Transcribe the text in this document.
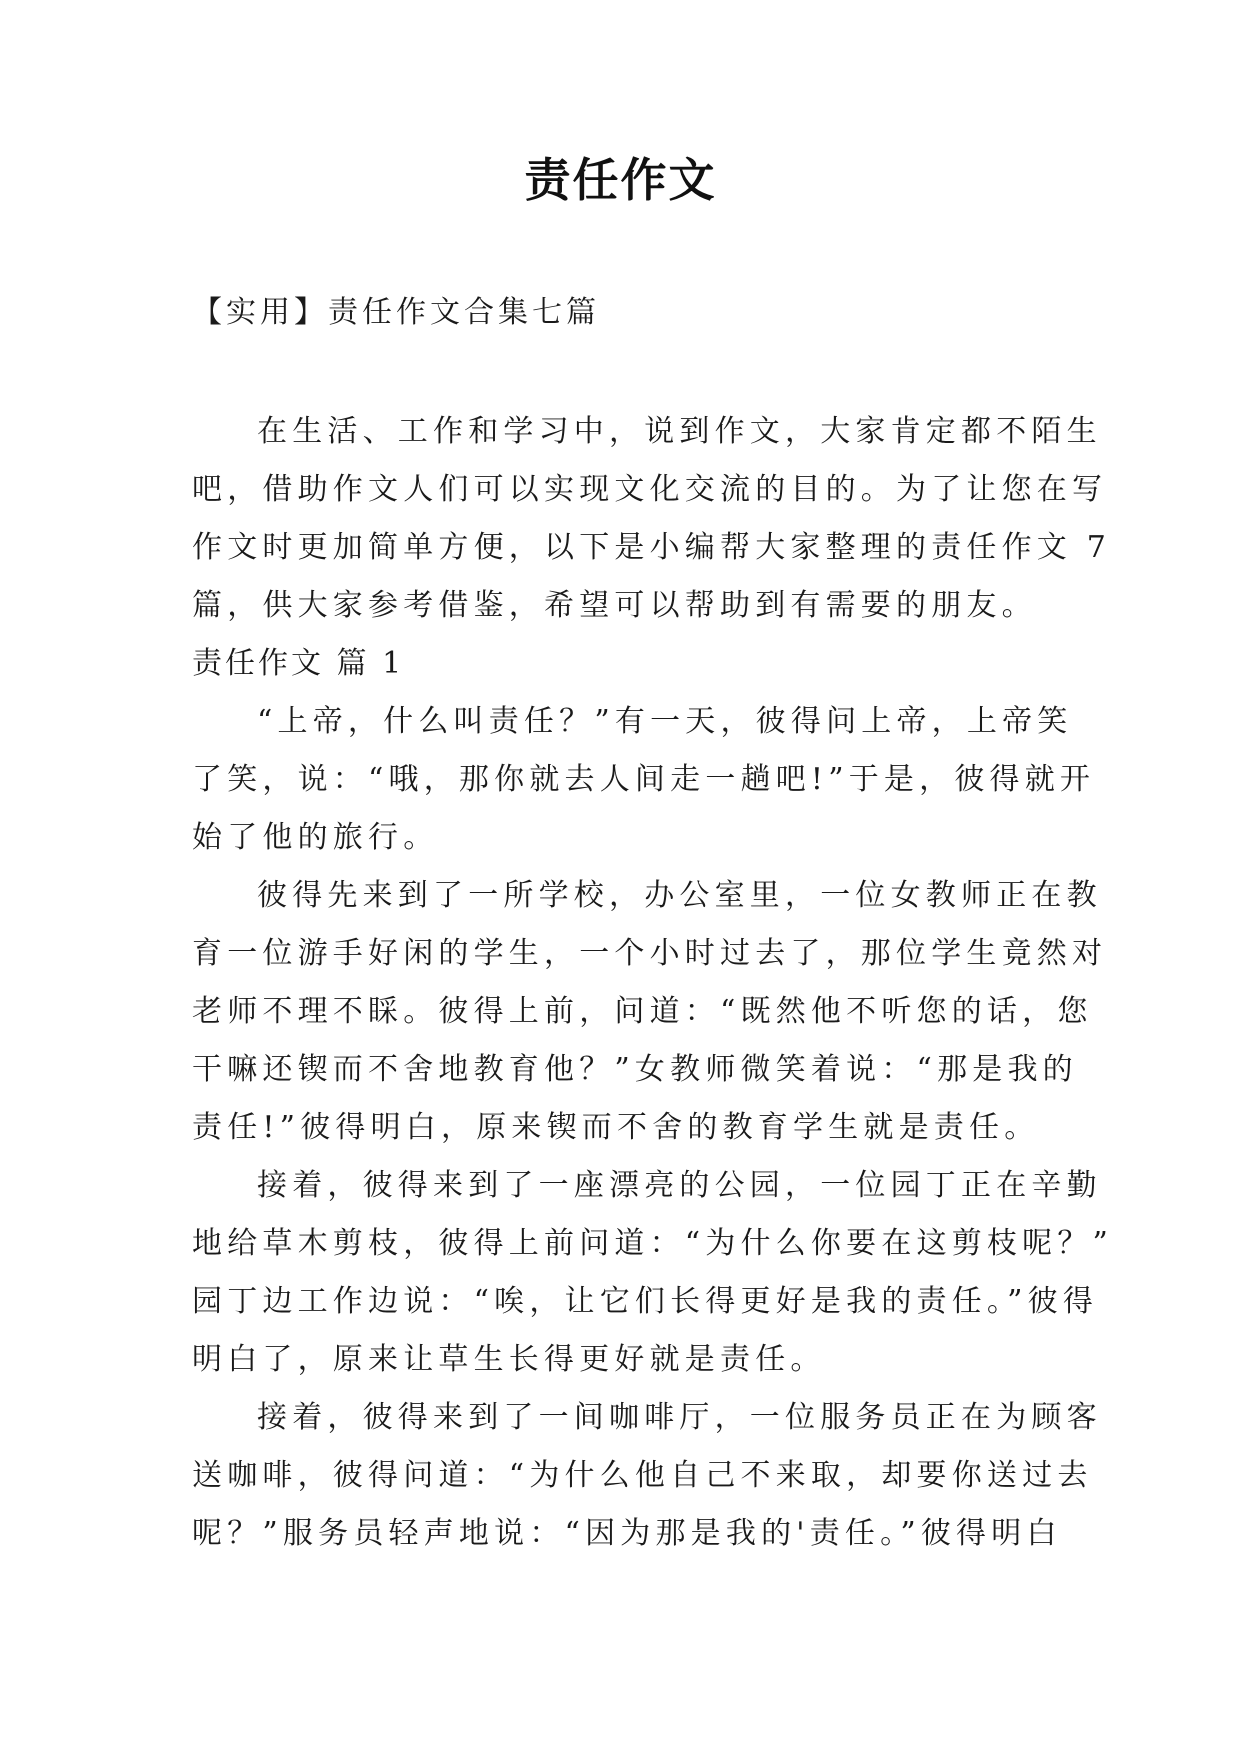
责任作文
【实用】责任作文合集七篇
在生活、工作和学习中，说到作文，大家肯定都不陌生
吧，借助作文人们可以实现文化交流的目的。为了让您在写
作文时更加简单方便，以下是小编帮大家整理的责任作文 7
篇，供大家参考借鉴，希望可以帮助到有需要的朋友。
责任作文 篇 1
“上帝，什么叫责任？”有一天，彼得问上帝，上帝笑
了笑，说：“哦，那你就去人间走一趟吧!”于是，彼得就开
始了他的旅行。
彼得先来到了一所学校，办公室里，一位女教师正在教
育一位游手好闲的学生，一个小时过去了，那位学生竟然对
老师不理不睬。彼得上前，问道：“既然他不听您的话，您
干嘛还锲而不舍地教育他？”女教师微笑着说：“那是我的
责任!”彼得明白，原来锲而不舍的教育学生就是责任。
接着，彼得来到了一座漂亮的公园，一位园丁正在辛勤
地给草木剪枝，彼得上前问道：“为什么你要在这剪枝呢？”
园丁边工作边说：“唉，让它们长得更好是我的责任。”彼得
明白了，原来让草生长得更好就是责任。
接着，彼得来到了一间咖啡厅，一位服务员正在为顾客
送咖啡，彼得问道：“为什么他自己不来取，却要你送过去
呢？”服务员轻声地说：“因为那是我的'责任。”彼得明白
